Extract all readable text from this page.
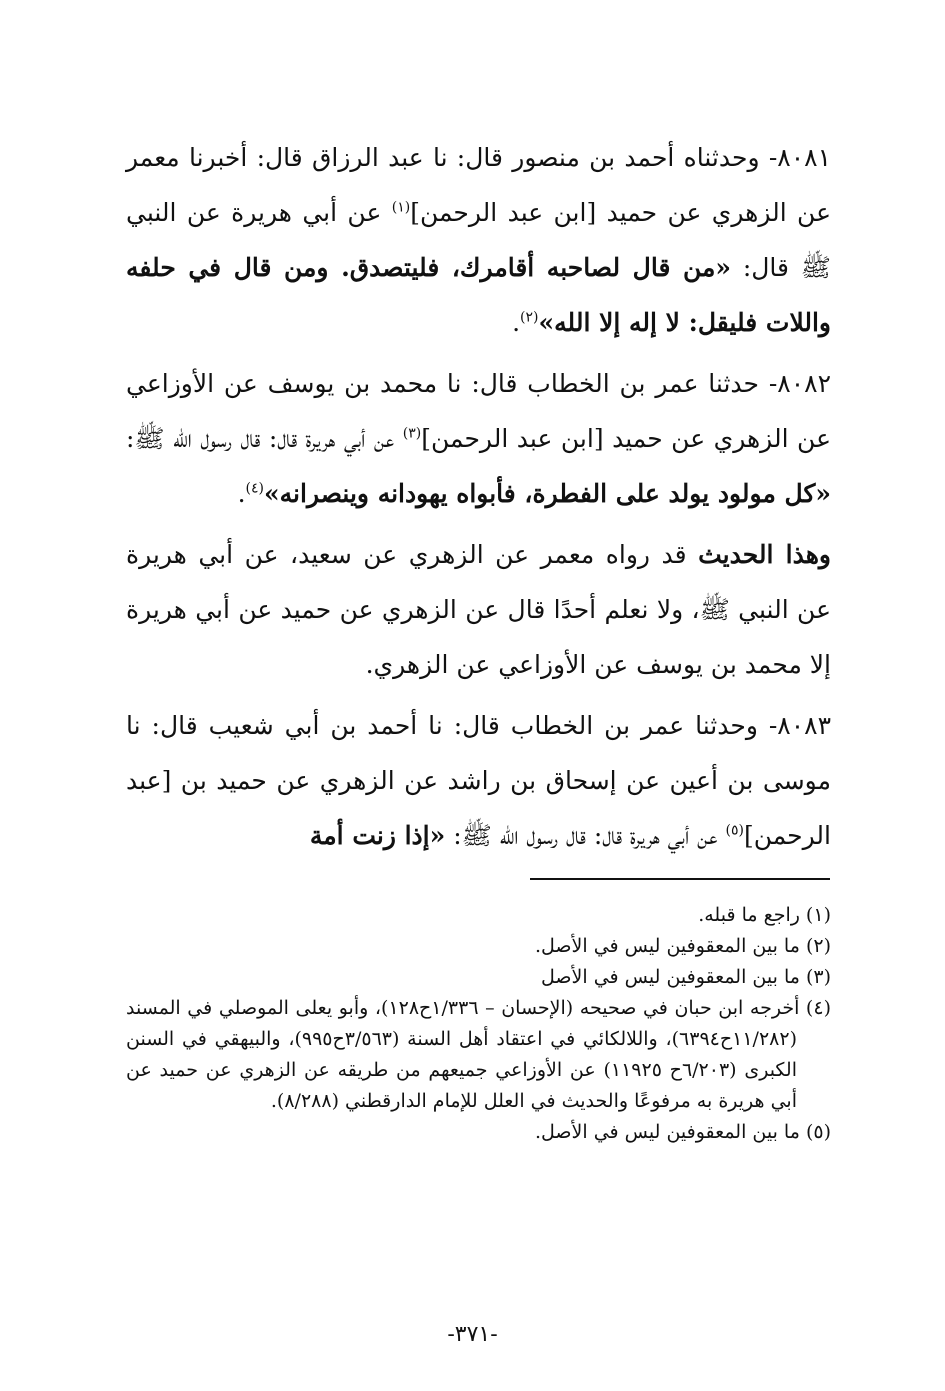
٨٠٨١- وحدثناه أحمد بن منصور قال: نا عبد الرزاق قال: أخبرنا معمر عن الزهري عن حميد [ابن عبد الرحمن]$^{(١)}$ عن أبي هريرة عن النبي ﷺ قال: «من قال لصاحبه أقامرك، فليتصدق. ومن قال في حلفه واللات فليقل: لا إله إلا الله»$^{(٢)}$.

٨٠٨٢- حدثنا عمر بن الخطاب قال: نا محمد بن يوسف عن الأوزاعي عن الزهري عن حميد [ابن عبد الرحمن]$^{(٣)}$ عن أبي هريرة قال: قال رسول الله ﷺ: «كل مولود يولد على الفطرة، فأبواه يهودانه وينصرانه»$^{(٤)}$.

وهذا الحديث قد رواه معمر عن الزهري عن سعيد، عن أبي هريرة عن النبي ﷺ، ولا نعلم أحدًا قال عن الزهري عن حميد عن أبي هريرة إلا محمد بن يوسف عن الأوزاعي عن الزهري.

٨٠٨٣- وحدثنا عمر بن الخطاب قال: نا أحمد بن أبي شعيب قال: نا موسى بن أعين عن إسحاق بن راشد عن الزهري عن حميد بن [عبد الرحمن]$^{(٥)}$ عن أبي هريرة قال: قال رسول الله ﷺ: «إذا زنت أمة

(١) راجع ما قبله.

(٢) ما بين المعقوفين ليس في الأصل.

(٣) ما بين المعقوفين ليس في الأصل

(٤) أخرجه ابن حبان في صحيحه (الإحسان – ١/٣٣٦ح١٢٨)، وأبو يعلى الموصلي في المسند (١١/٢٨٢ح٦٣٩٤)، واللالكائي في اعتقاد أهل السنة (٣/٥٦٣ح٩٩٥)، والبيهقي في السنن الكبرى (٦/٢٠٣ح ١١٩٢٥) عن الأوزاعي جميعهم من طريقه عن الزهري عن حميد عن أبي هريرة به مرفوعًا والحديث في العلل للإمام الدارقطني (٨/٢٨٨).

(٥) ما بين المعقوفين ليس في الأصل.

-٣٧١-
